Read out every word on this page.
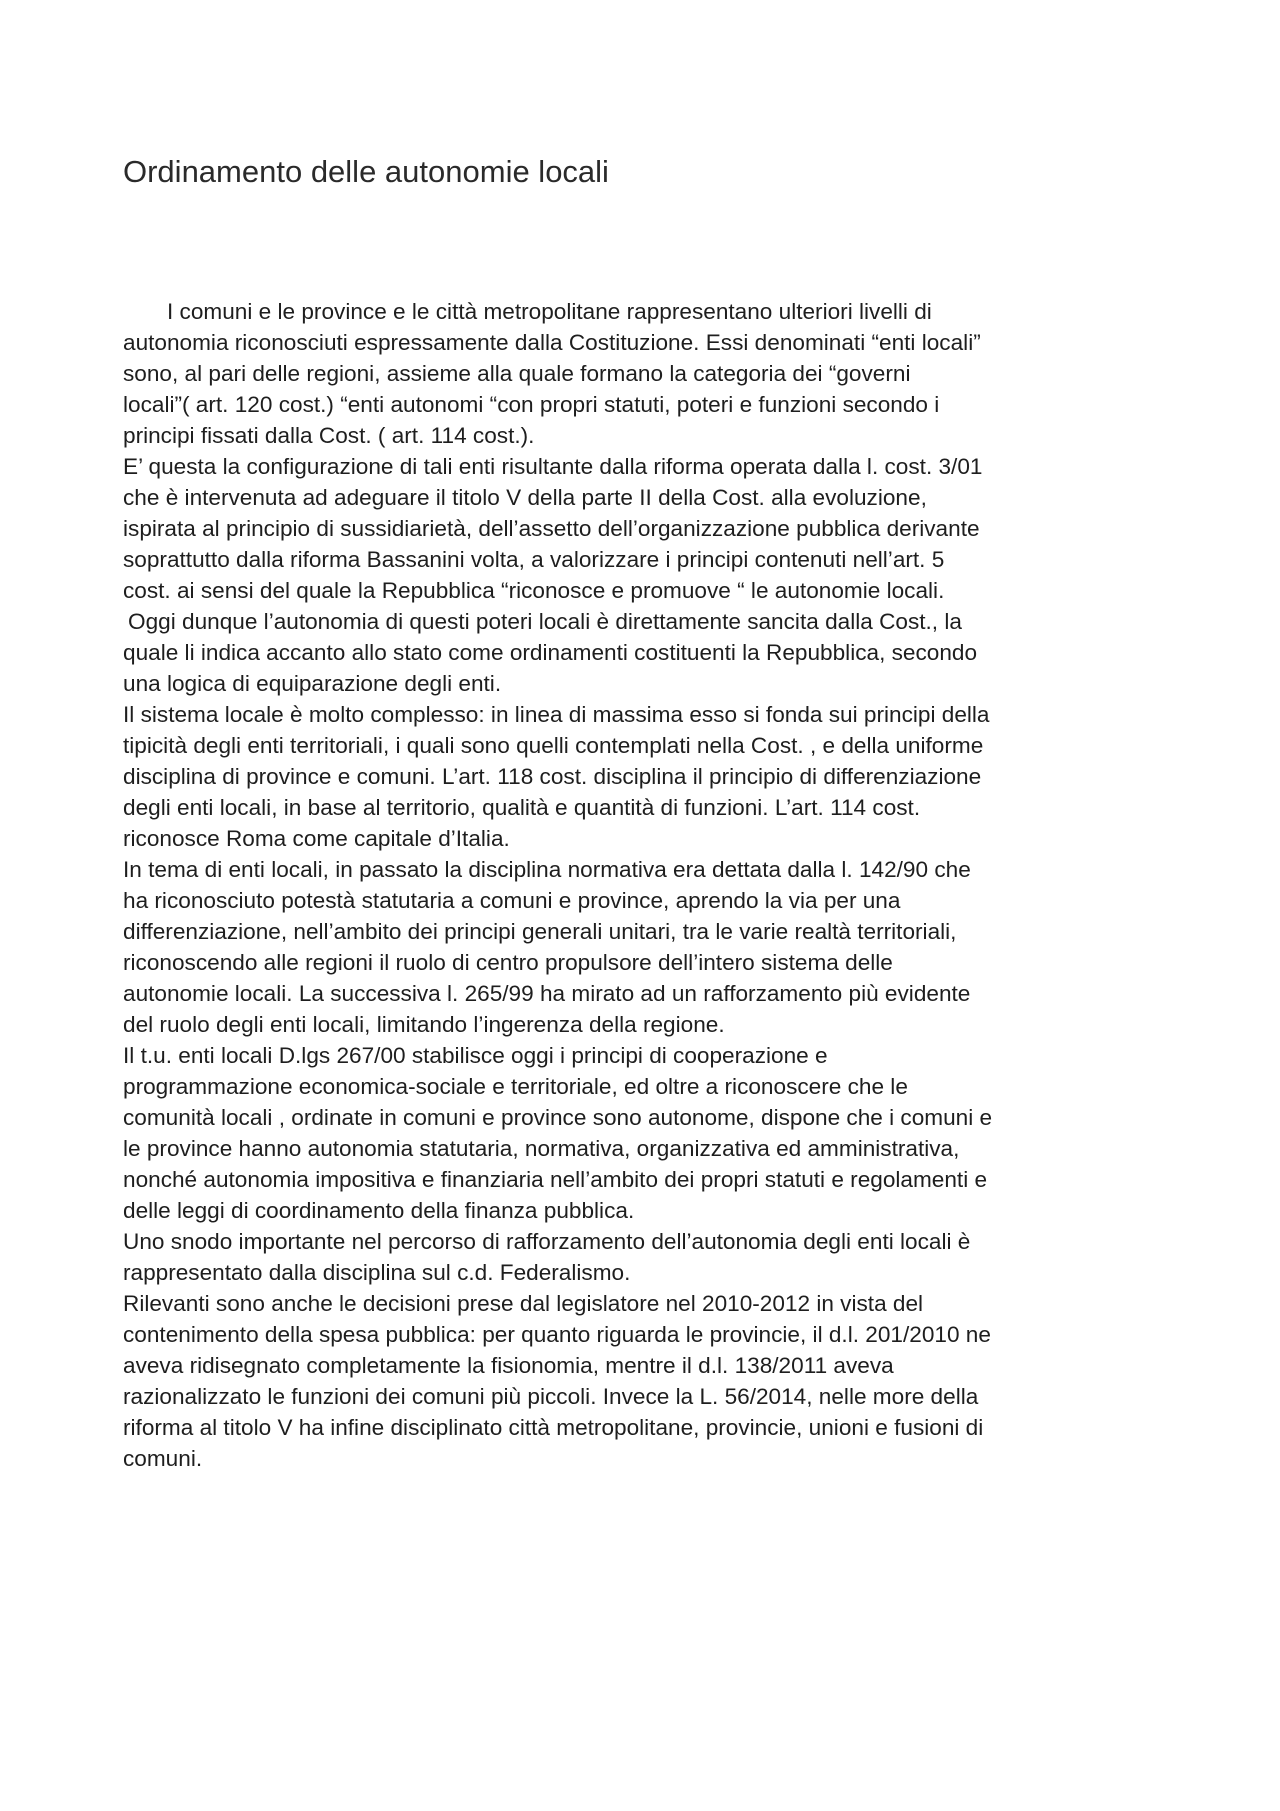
Ordinamento delle autonomie locali
I comuni e le province e le città metropolitane rappresentano ulteriori livelli di
autonomia riconosciuti espressamente dalla Costituzione. Essi denominati “enti locali”
sono, al pari delle regioni, assieme alla quale formano la categoria dei “governi
locali”( art. 120 cost.) “enti autonomi “con propri statuti, poteri e funzioni secondo i
principi fissati dalla Cost. ( art. 114 cost.).
E’ questa la configurazione di tali enti risultante dalla riforma operata dalla l. cost. 3/01
che è intervenuta ad adeguare il titolo V della parte II della Cost. alla evoluzione,
ispirata al principio di sussidiarietà, dell’assetto dell’organizzazione pubblica derivante
soprattutto dalla riforma Bassanini volta, a valorizzare i principi contenuti nell’art. 5
cost. ai sensi del quale la Repubblica “riconosce e promuove “ le autonomie locali.
Oggi dunque l’autonomia di questi poteri locali è direttamente sancita dalla Cost., la
quale li indica accanto allo stato come ordinamenti costituenti la Repubblica, secondo
una logica di equiparazione degli enti.
Il sistema locale è molto complesso: in linea di massima esso si fonda sui principi della
tipicità degli enti territoriali, i quali sono quelli contemplati nella Cost. , e della uniforme
disciplina di province e comuni. L’art. 118 cost. disciplina il principio di differenziazione
degli enti locali, in base al territorio, qualità e quantità di funzioni. L’art. 114 cost.
riconosce Roma come capitale d’Italia.
In tema di enti locali, in passato la disciplina normativa era dettata dalla l. 142/90 che
ha riconosciuto potestà statutaria a comuni e province, aprendo la via per una
differenziazione, nell’ambito dei principi generali unitari, tra le varie realtà territoriali,
riconoscendo alle regioni il ruolo di centro propulsore dell’intero sistema delle
autonomie locali. La successiva l. 265/99 ha mirato ad un rafforzamento più evidente
del ruolo degli enti locali, limitando l’ingerenza della regione.
Il t.u. enti locali D.lgs 267/00 stabilisce oggi i principi di cooperazione e
programmazione economica-sociale e territoriale, ed oltre a riconoscere che le
comunità locali , ordinate in comuni e province sono autonome, dispone che i comuni e
le province hanno autonomia statutaria, normativa, organizzativa ed amministrativa,
nonché autonomia impositiva e finanziaria nell’ambito dei propri statuti e regolamenti e
delle leggi di coordinamento della finanza pubblica.
Uno snodo importante nel percorso di rafforzamento dell’autonomia degli enti locali è
rappresentato dalla disciplina sul c.d. Federalismo.
Rilevanti sono anche le decisioni prese dal legislatore nel 2010-2012 in vista del
contenimento della spesa pubblica: per quanto riguarda le provincie, il d.l. 201/2010 ne
aveva ridisegnato completamente la fisionomia, mentre il d.l. 138/2011 aveva
razionalizzato le funzioni dei comuni più piccoli. Invece la L. 56/2014, nelle more della
riforma al titolo V ha infine disciplinato città metropolitane, provincie, unioni e fusioni di
comuni.
